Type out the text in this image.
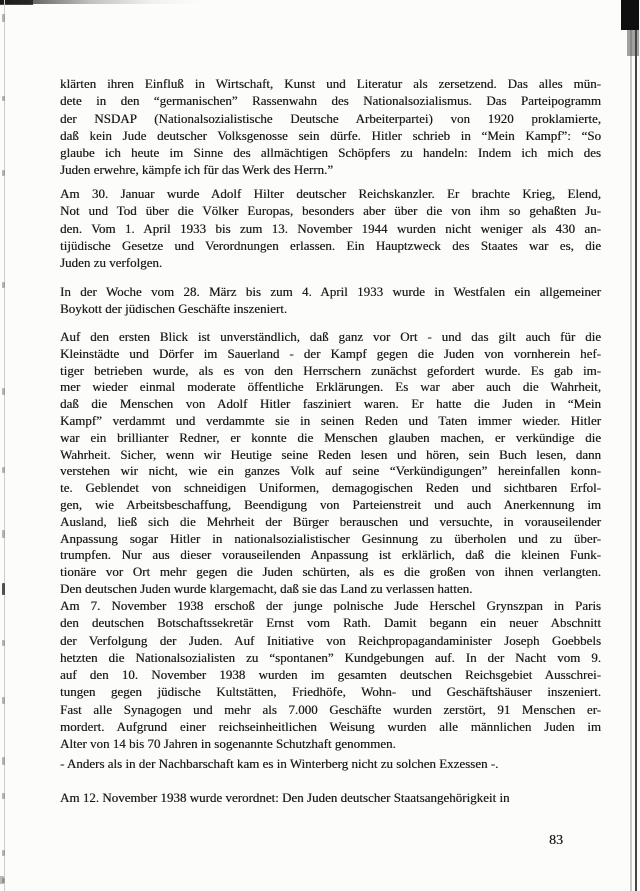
klärten ihren Einfluß in Wirtschaft, Kunst und Literatur als zersetzend. Das alles mün-
dete in den “germanischen” Rassenwahn des Nationalsozialismus. Das Parteipogramm
der NSDAP (Nationalsozialistische Deutsche Arbeiterpartei) von 1920 proklamierte,
daß kein Jude deutscher Volksgenosse sein dürfe. Hitler schrieb in “Mein Kampf”: “So
glaube ich heute im Sinne des allmächtigen Schöpfers zu handeln: Indem ich mich des
Juden erwehre, kämpfe ich für das Werk des Herrn.”
Am 30. Januar wurde Adolf Hilter deutscher Reichskanzler. Er brachte Krieg, Elend,
Not und Tod über die Völker Europas, besonders aber über die von ihm so gehaßten Ju-
den. Vom 1. April 1933 bis zum 13. November 1944 wurden nicht weniger als 430 an-
tijüdische Gesetze und Verordnungen erlassen. Ein Hauptzweck des Staates war es, die
Juden zu verfolgen.
In der Woche vom 28. März bis zum 4. April 1933 wurde in Westfalen ein allgemeiner
Boykott der jüdischen Geschäfte inszeniert.
Auf den ersten Blick ist unverständlich, daß ganz vor Ort - und das gilt auch für die
Kleinstädte und Dörfer im Sauerland - der Kampf gegen die Juden von vornherein hef-
tiger betrieben wurde, als es von den Herrschern zunächst gefordert wurde. Es gab im-
mer wieder einmal moderate öffentliche Erklärungen. Es war aber auch die Wahrheit,
daß die Menschen von Adolf Hitler fasziniert waren. Er hatte die Juden in “Mein
Kampf” verdammt und verdammte sie in seinen Reden und Taten immer wieder. Hitler
war ein brillianter Redner, er konnte die Menschen glauben machen, er verkündige die
Wahrheit. Sicher, wenn wir Heutige seine Reden lesen und hören, sein Buch lesen, dann
verstehen wir nicht, wie ein ganzes Volk auf seine “Verkündigungen” hereinfallen konn-
te. Geblendet von schneidigen Uniformen, demagogischen Reden und sichtbaren Erfol-
gen, wie Arbeitsbeschaffung, Beendigung von Parteienstreit und auch Anerkennung im
Ausland, ließ sich die Mehrheit der Bürger berauschen und versuchte, in vorauseilender
Anpassung sogar Hitler in nationalsozialistischer Gesinnung zu überholen und zu über-
trumpfen. Nur aus dieser vorauseilenden Anpassung ist erklärlich, daß die kleinen Funk-
tionäre vor Ort mehr gegen die Juden schürten, als es die großen von ihnen verlangten.
Den deutschen Juden wurde klargemacht, daß sie das Land zu verlassen hatten.
Am 7. November 1938 erschoß der junge polnische Jude Herschel Grynszpan in Paris
den deutschen Botschaftssekretär Ernst vom Rath. Damit begann ein neuer Abschnitt
der Verfolgung der Juden. Auf Initiative von Reichpropagandaminister Joseph Goebbels
hetzten die Nationalsozialisten zu “spontanen” Kundgebungen auf. In der Nacht vom 9.
auf den 10. November 1938 wurden im gesamten deutschen Reichsgebiet Ausschrei-
tungen gegen jüdische Kultstätten, Friedhöfe, Wohn- und Geschäftshäuser inszeniert.
Fast alle Synagogen und mehr als 7.000 Geschäfte wurden zerstört, 91 Menschen er-
mordert. Aufgrund einer reichseinheitlichen Weisung wurden alle männlichen Juden im
Alter von 14 bis 70 Jahren in sogenannte Schutzhaft genommen.
- Anders als in der Nachbarschaft kam es in Winterberg nicht zu solchen Exzessen -.
Am 12. November 1938 wurde verordnet: Den Juden deutscher Staatsangehörigkeit in
83
